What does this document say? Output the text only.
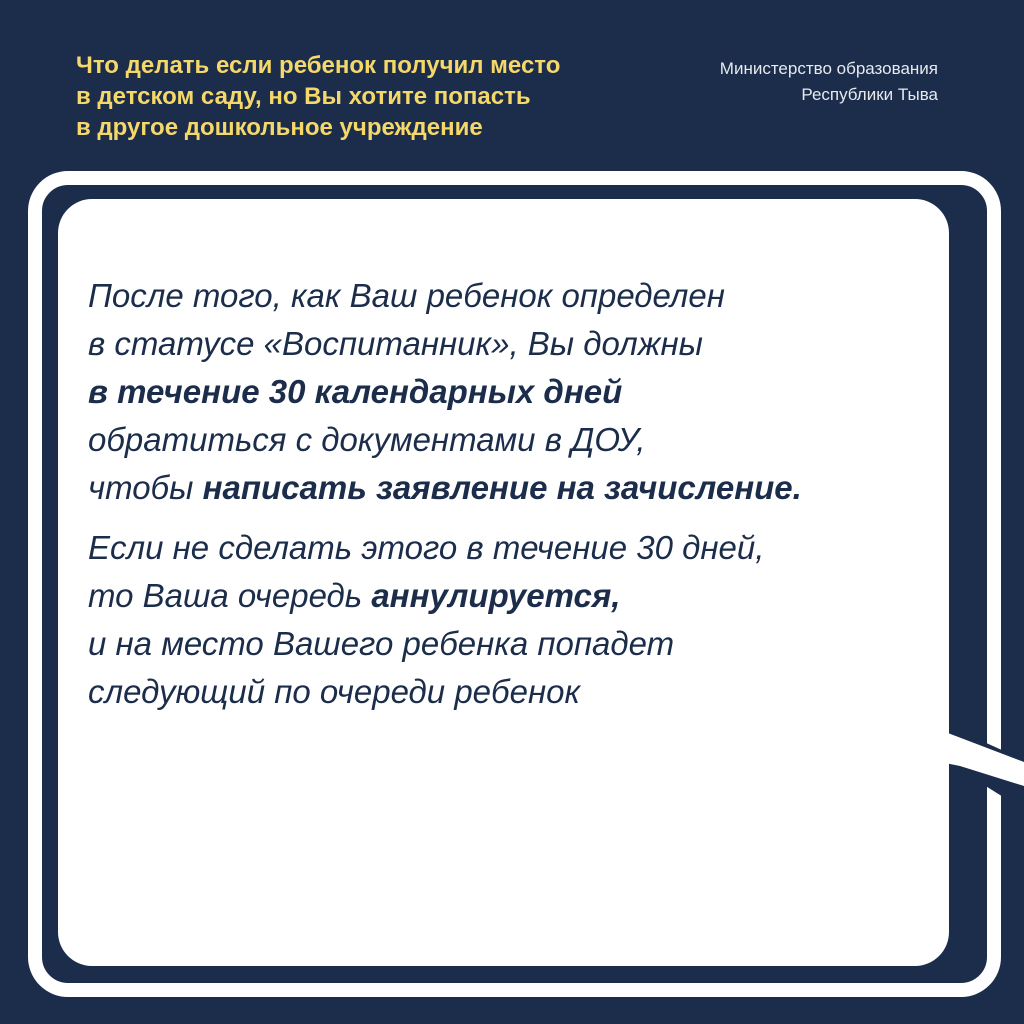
Что делать если ребенок получил место
в детском саду, но Вы хотите попасть
в другое дошкольное учреждение
Министерство образования
Республики Тыва

После того, как Ваш ребенок определен
в статусе «Воспитанник», Вы должны
в течение 30 календарных дней
обратиться с документами в ДОУ,
чтобы написать заявление на зачисление.

Если не сделать этого в течение 30 дней,
то Ваша очередь аннулируется,
и на место Вашего ребенка попадет
следующий по очереди ребенок
